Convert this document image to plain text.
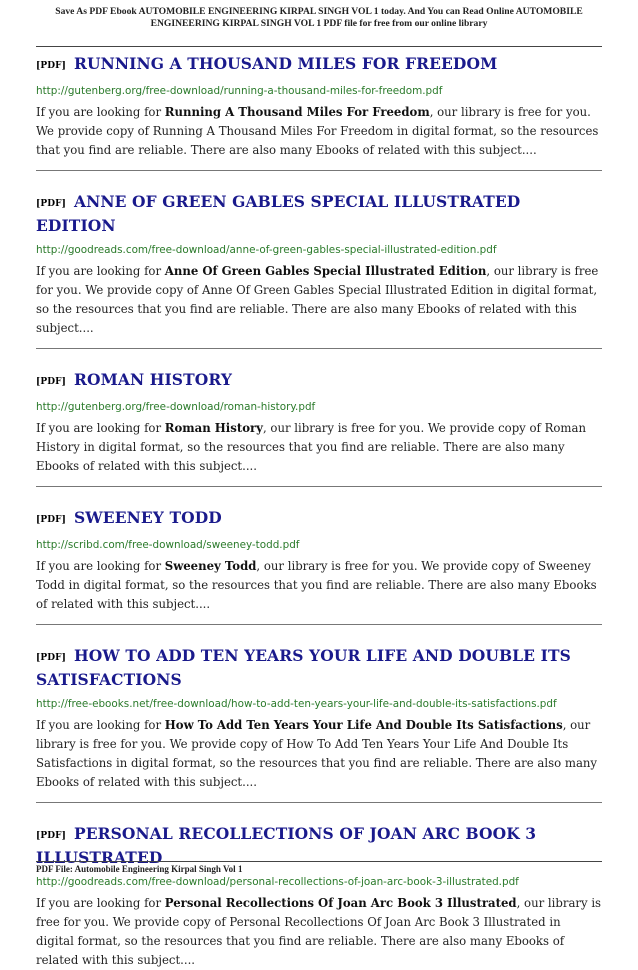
Save As PDF Ebook AUTOMOBILE ENGINEERING KIRPAL SINGH VOL 1 today. And You can Read Online AUTOMOBILE ENGINEERING KIRPAL SINGH VOL 1 PDF file for free from our online library
[PDF] RUNNING A THOUSAND MILES FOR FREEDOM
http://gutenberg.org/free-download/running-a-thousand-miles-for-freedom.pdf
If you are looking for Running A Thousand Miles For Freedom, our library is free for you. We provide copy of Running A Thousand Miles For Freedom in digital format, so the resources that you find are reliable. There are also many Ebooks of related with this subject....
[PDF] ANNE OF GREEN GABLES SPECIAL ILLUSTRATED EDITION
http://goodreads.com/free-download/anne-of-green-gables-special-illustrated-edition.pdf
If you are looking for Anne Of Green Gables Special Illustrated Edition, our library is free for you. We provide copy of Anne Of Green Gables Special Illustrated Edition in digital format, so the resources that you find are reliable. There are also many Ebooks of related with this subject....
[PDF] ROMAN HISTORY
http://gutenberg.org/free-download/roman-history.pdf
If you are looking for Roman History, our library is free for you. We provide copy of Roman History in digital format, so the resources that you find are reliable. There are also many Ebooks of related with this subject....
[PDF] SWEENEY TODD
http://scribd.com/free-download/sweeney-todd.pdf
If you are looking for Sweeney Todd, our library is free for you. We provide copy of Sweeney Todd in digital format, so the resources that you find are reliable. There are also many Ebooks of related with this subject....
[PDF] HOW TO ADD TEN YEARS YOUR LIFE AND DOUBLE ITS SATISFACTIONS
http://free-ebooks.net/free-download/how-to-add-ten-years-your-life-and-double-its-satisfactions.pdf
If you are looking for How To Add Ten Years Your Life And Double Its Satisfactions, our library is free for you. We provide copy of How To Add Ten Years Your Life And Double Its Satisfactions in digital format, so the resources that you find are reliable. There are also many Ebooks of related with this subject....
[PDF] PERSONAL RECOLLECTIONS OF JOAN ARC BOOK 3 ILLUSTRATED
http://goodreads.com/free-download/personal-recollections-of-joan-arc-book-3-illustrated.pdf
If you are looking for Personal Recollections Of Joan Arc Book 3 Illustrated, our library is free for you. We provide copy of Personal Recollections Of Joan Arc Book 3 Illustrated in digital format, so the resources that you find are reliable. There are also many Ebooks of related with this subject....
PDF File: Automobile Engineering Kirpal Singh Vol 1
